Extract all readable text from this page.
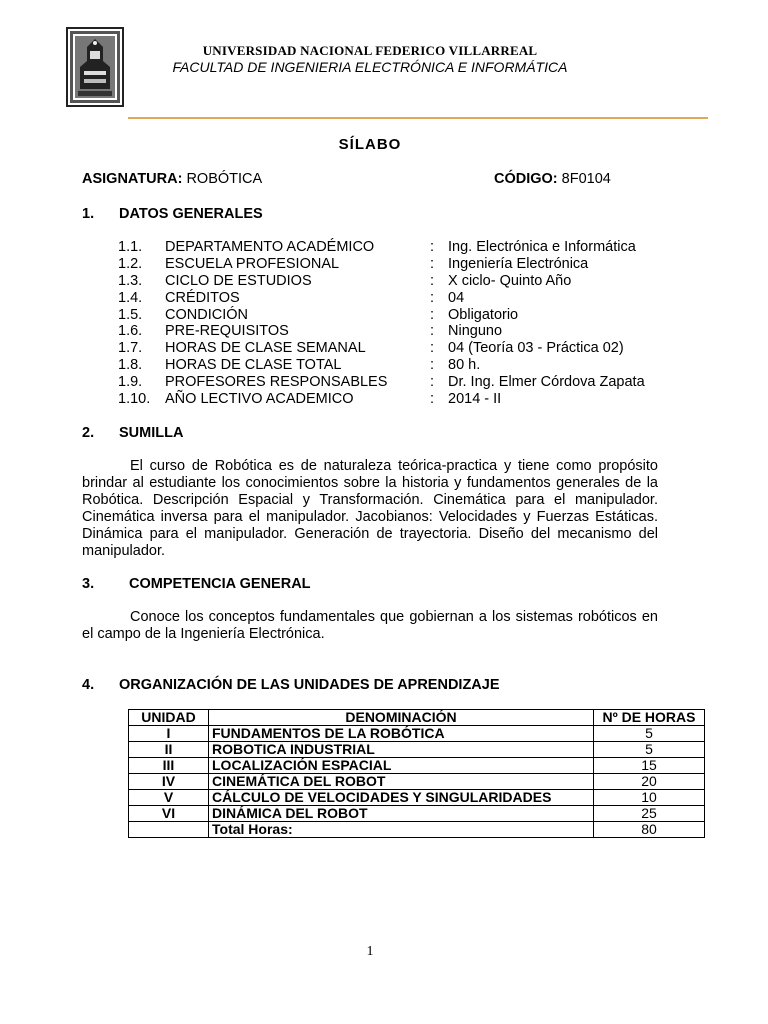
UNIVERSIDAD NACIONAL FEDERICO VILLARREAL
FACULTAD DE INGENIERIA ELECTRÓNICA E INFORMÁTICA
SÍLABO
ASIGNATURA: ROBÓTICA	CÓDIGO: 8F0104
1. DATOS GENERALES
1.1. DEPARTAMENTO ACADÉMICO	: Ing. Electrónica e Informática
1.2. ESCUELA PROFESIONAL	: Ingeniería Electrónica
1.3. CICLO DE ESTUDIOS	: X ciclo- Quinto Año
1.4. CRÉDITOS	: 04
1.5. CONDICIÓN	: Obligatorio
1.6. PRE-REQUISITOS	: Ninguno
1.7. HORAS DE CLASE SEMANAL	: 04 (Teoría 03 - Práctica 02)
1.8. HORAS DE CLASE TOTAL	: 80 h.
1.9. PROFESORES RESPONSABLES	: Dr. Ing. Elmer Córdova Zapata
1.10. AÑO LECTIVO ACADEMICO	: 2014 - II
2. SUMILLA
El curso de Robótica es de naturaleza teórica-practica y tiene como propósito brindar al estudiante los conocimientos sobre la historia y fundamentos generales de la Robótica. Descripción Espacial y Transformación. Cinemática para el manipulador. Cinemática inversa para el manipulador. Jacobianos: Velocidades y Fuerzas Estáticas. Dinámica para el manipulador. Generación de trayectoria. Diseño del mecanismo del manipulador.
3. COMPETENCIA GENERAL
Conoce los conceptos fundamentales que gobiernan a los sistemas robóticos en el campo de la Ingeniería Electrónica.
4. ORGANIZACIÓN DE LAS UNIDADES DE APRENDIZAJE
UNIDAD	DENOMINACIÓN	Nº DE HORAS
I	FUNDAMENTOS DE LA ROBÓTICA	5
II	ROBOTICA INDUSTRIAL	5
III	LOCALIZACIÓN ESPACIAL	15
IV	CINEMÁTICA DEL ROBOT	20
V	CÁLCULO DE VELOCIDADES Y SINGULARIDADES	10
VI	DINÁMICA DEL ROBOT	25
	Total Horas:	80
1
